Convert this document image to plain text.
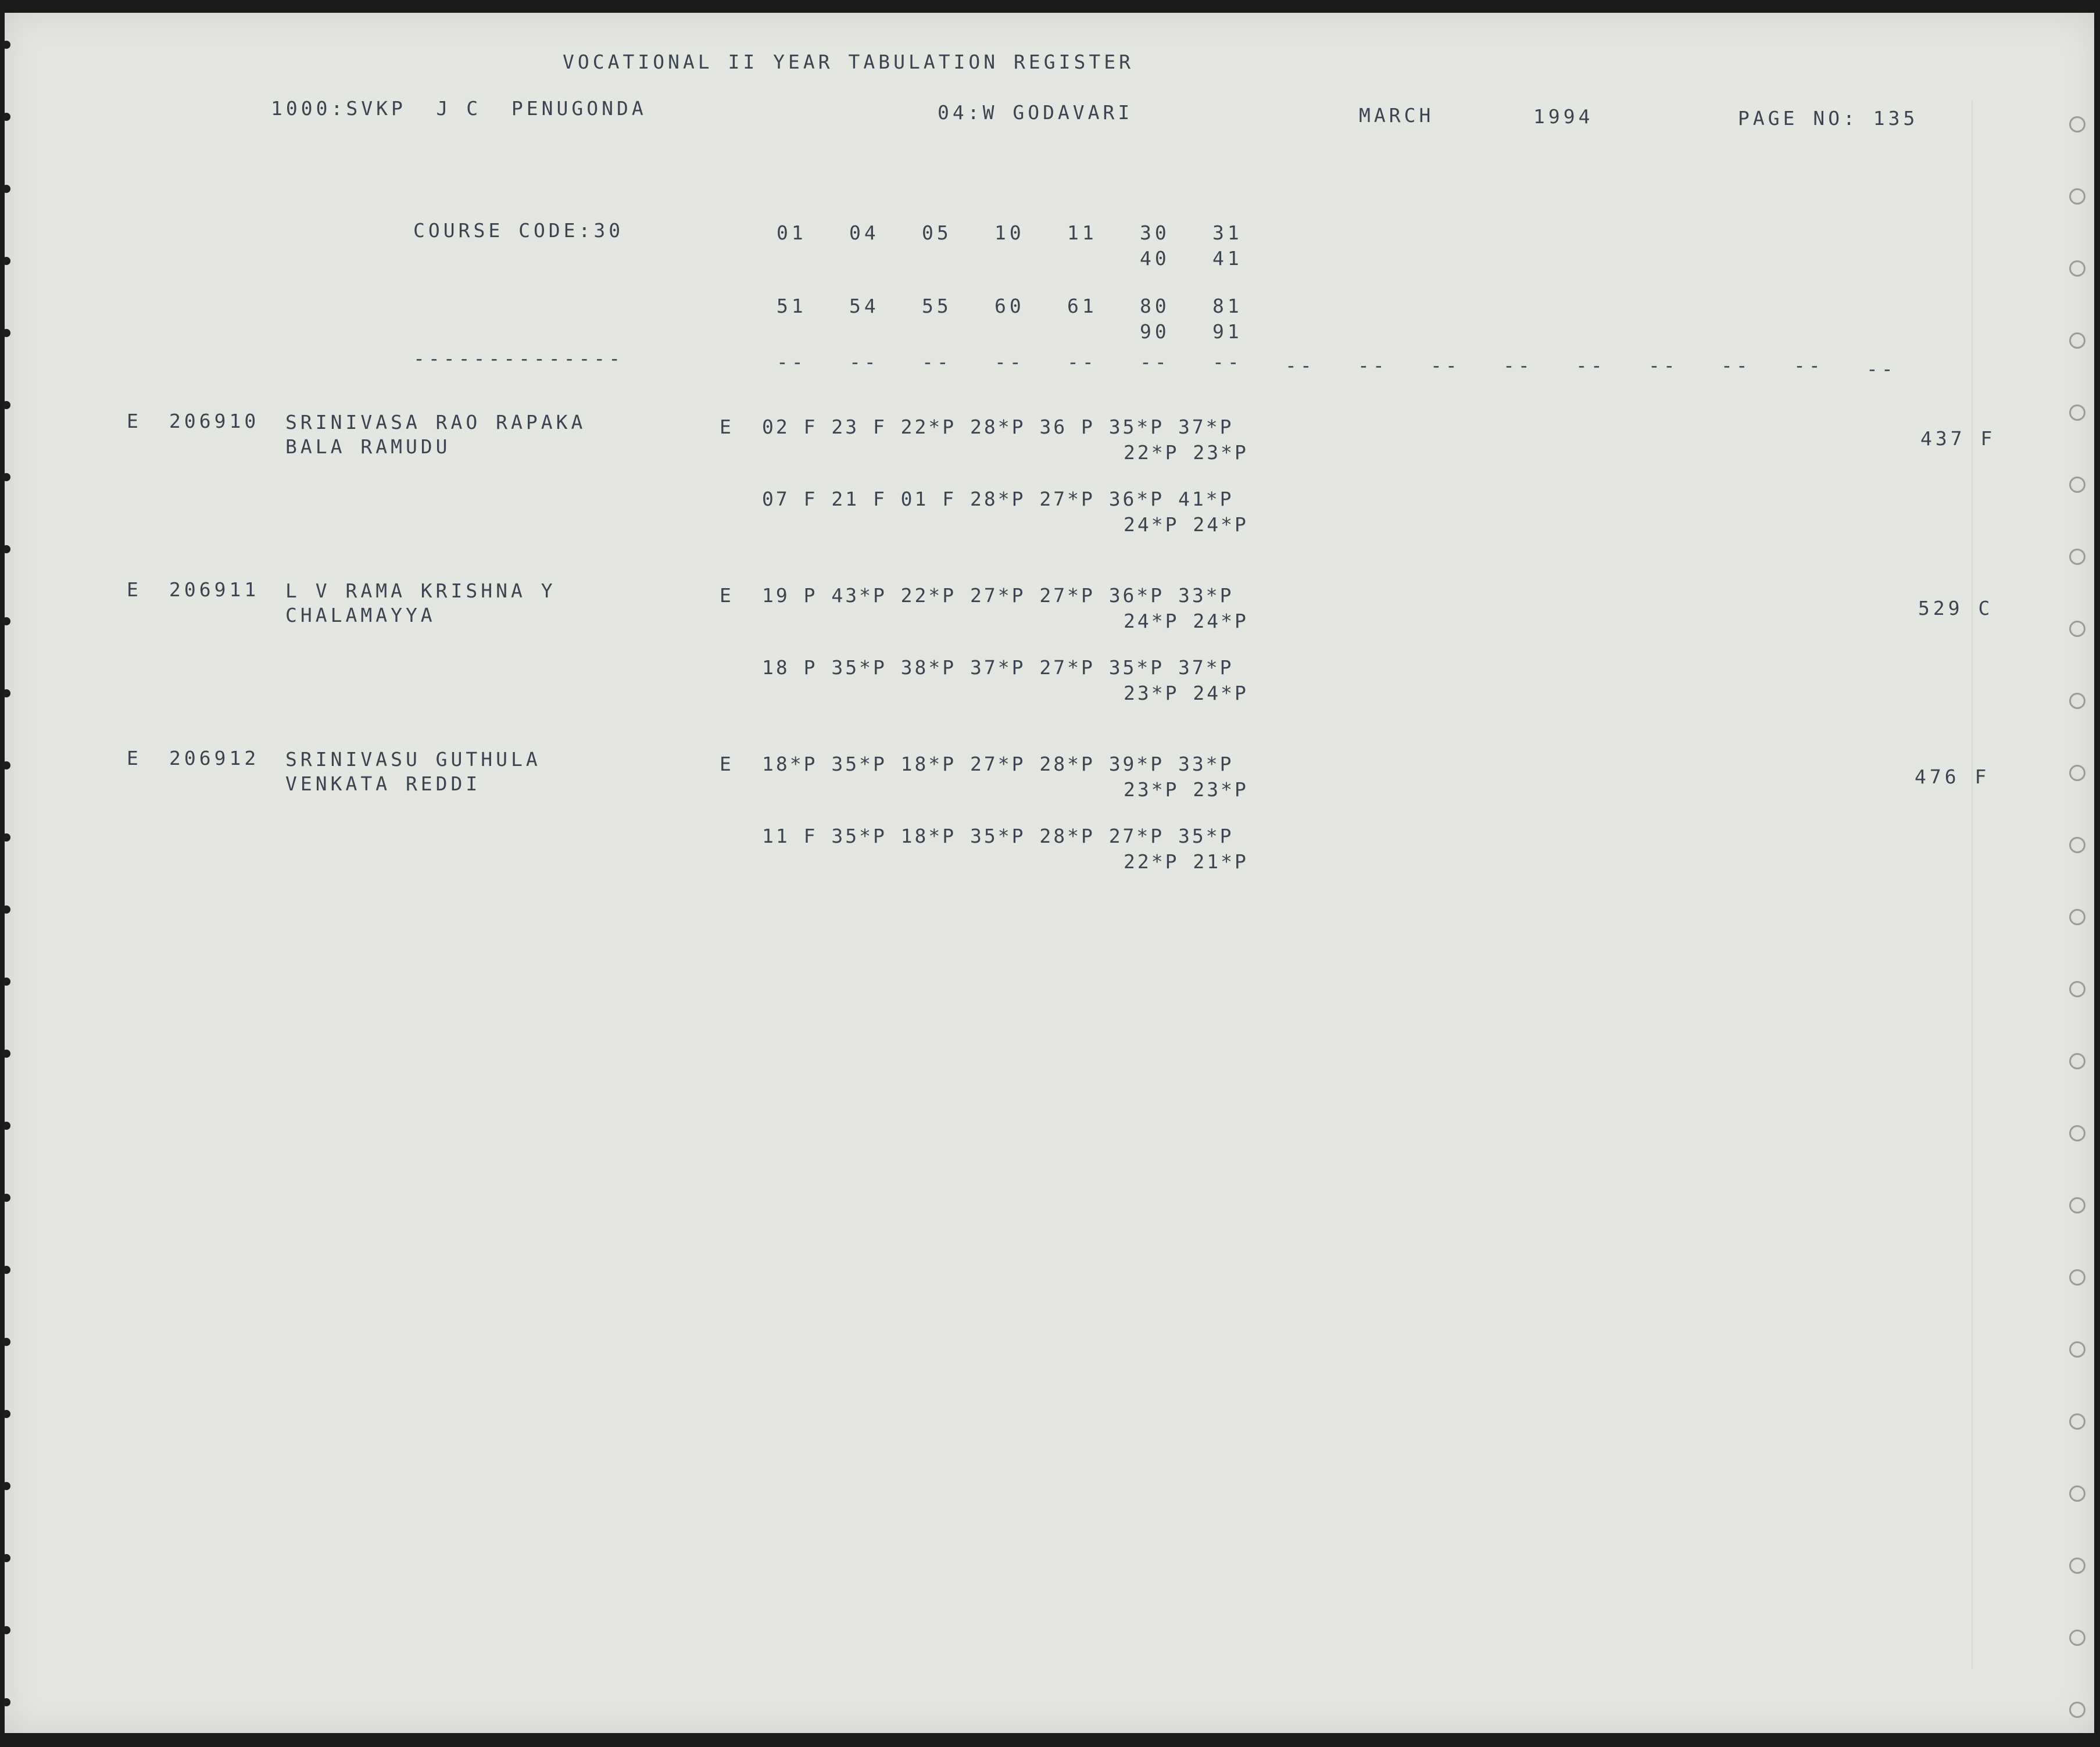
VOCATIONAL II YEAR TABULATION REGISTER
1000:SVKP  J C  PENUGONDA	04:W GODAVARI	MARCH	1994	PAGE NO: 135
COURSE CODE:30
--------------
01 04 05 10 11 30 31
40 41
51 54 55 60 61 80 81
90 91
-- -- -- -- -- -- -- -- -- -- -- -- -- -- -- --
E 206910 SRINIVASA RAO RAPAKA
BALA RAMUDU
E 02 F 23 F 22*P 28*P 36 P 35*P 37*P
22*P 23*P
07 F 21 F 01 F 28*P 27*P 36*P 41*P
24*P 24*P
437 F
E 206911 L V RAMA KRISHNA Y
CHALAMAYYA
E 19 P 43*P 22*P 27*P 27*P 36*P 33*P
24*P 24*P
18 P 35*P 38*P 37*P 27*P 35*P 37*P
23*P 24*P
529 C
E 206912 SRINIVASU GUTHULA
VENKATA REDDI
E 18*P 35*P 18*P 27*P 28*P 39*P 33*P
23*P 23*P
11 F 35*P 18*P 35*P 28*P 27*P 35*P
22*P 21*P
476 F
